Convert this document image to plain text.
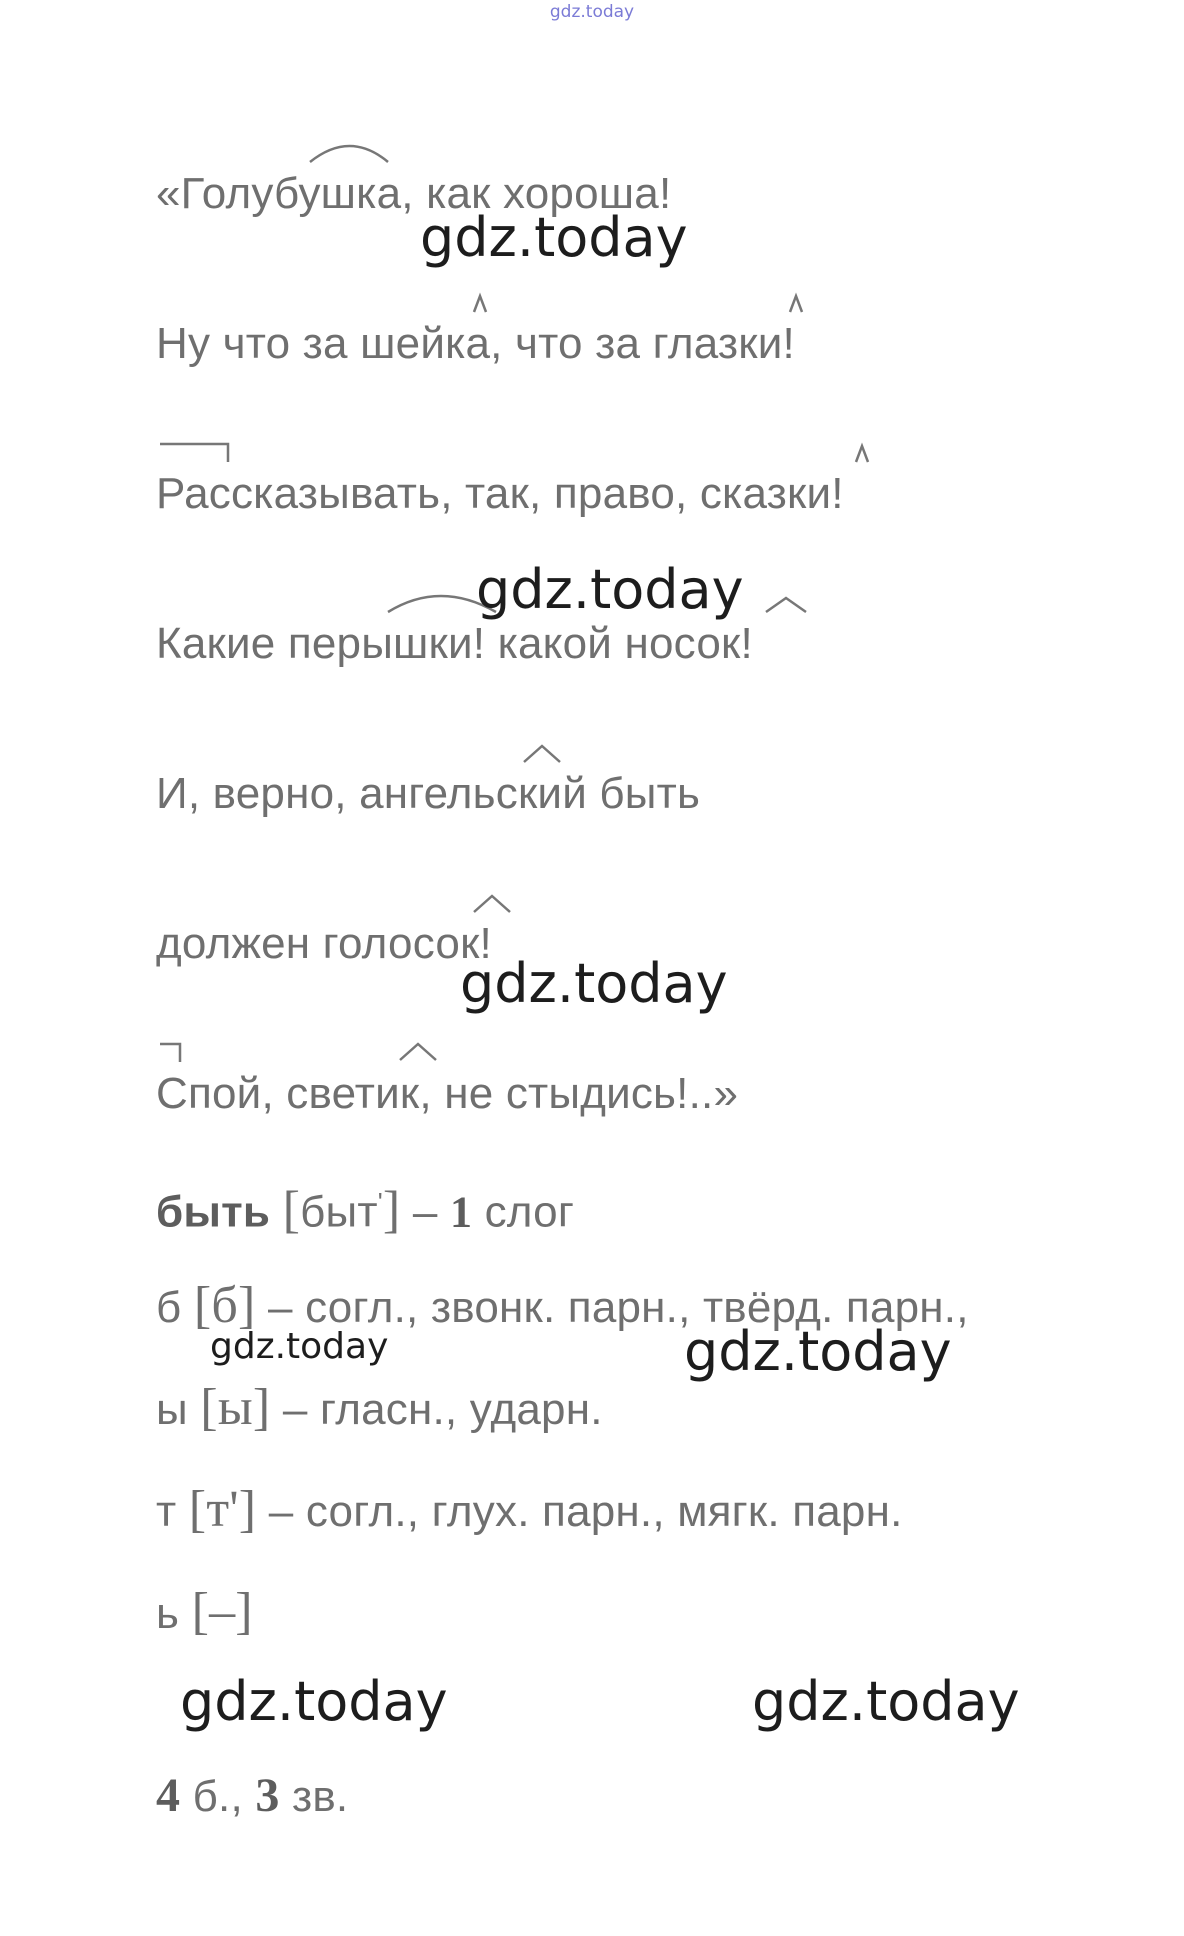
gdz.today
«Голубушка, как хороша!
Ну что за шейка, что за глазки!
Рассказывать, так, право, сказки!
Какие перышки! какой носок!
И, верно, ангельский быть
должен голосок!
Спой, светик, не стыдись!..»
быть [быт'] – 1 слог
б [б] – согл., звонк. парн., твёрд. парн.,
ы [ы] – гласн., ударн.
т [т'] – согл., глух. парн., мягк. парн.
ь [–]
4 б., 3 зв.
gdz.today
gdz.today
gdz.today
gdz.today	gdz.today
gdz.today	gdz.today
